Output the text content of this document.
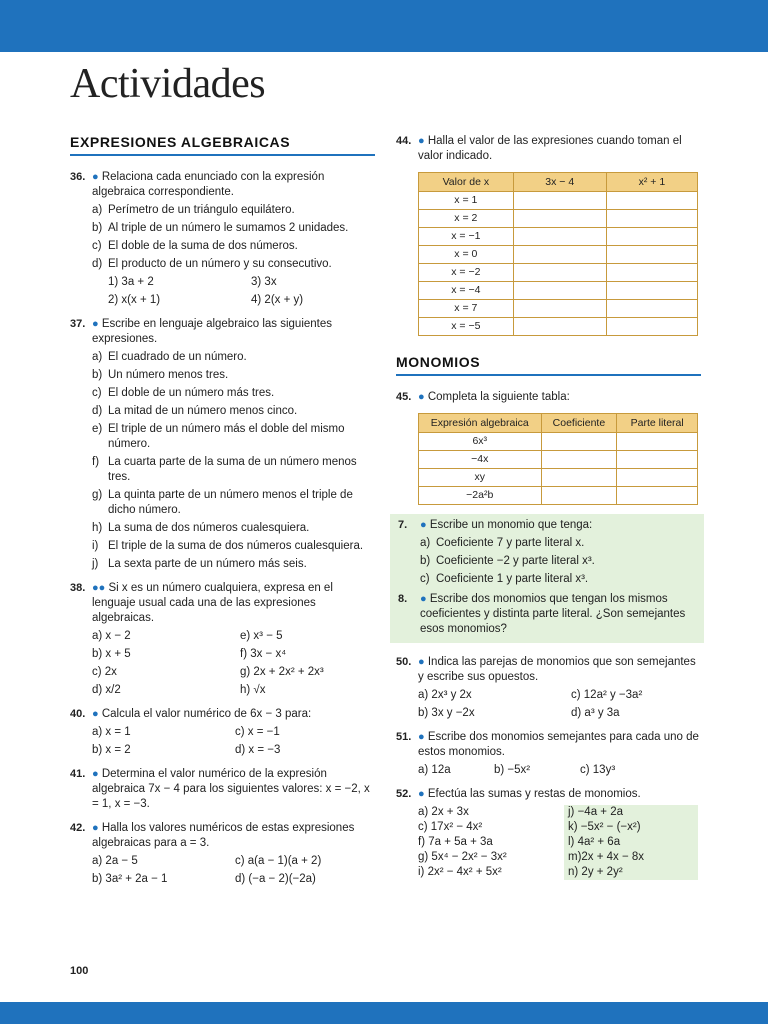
Actividades
EXPRESIONES ALGEBRAICAS
36. ● Relaciona cada enunciado con la expresión algebraica correspondiente.
a) Perímetro de un triángulo equilátero.
b) Al triple de un número le sumamos 2 unidades.
c) El doble de la suma de dos números.
d) El producto de un número y su consecutivo.
1) 3a + 2	3) 3x
2) x(x + 1)	4) 2(x + y)
37. ● Escribe en lenguaje algebraico las siguientes expresiones.
a) El cuadrado de un número.
b) Un número menos tres.
c) El doble de un número más tres.
d) La mitad de un número menos cinco.
e) El triple de un número más el doble del mismo número.
f) La cuarta parte de la suma de un número menos tres.
g) La quinta parte de un número menos el triple de dicho número.
h) La suma de dos números cualesquiera.
i) El triple de la suma de dos números cualesquiera.
j) La sexta parte de un número más seis.
38. ●● Si x es un número cualquiera, expresa en el lenguaje usual cada una de las expresiones algebraicas.
a) x − 2	e) x³ − 5
b) x + 5	f) 3x − x⁴
c) 2x	g) 2x + 2x² + 2x³
d) x/2	h) √x
40. ● Calcula el valor numérico de 6x − 3 para:
a) x = 1	c) x = −1
b) x = 2	d) x = −3
41. ● Determina el valor numérico de la expresión algebraica 7x − 4 para los siguientes valores: x = −2, x = 1, x = −3.
42. ● Halla los valores numéricos de estas expresiones algebraicas para a = 3.
a) 2a − 5	c) a(a − 1)(a + 2)
b) 3a² + 2a − 1	d) (−a − 2)(−2a)
44. ● Halla el valor de las expresiones cuando toman el valor indicado.
Valor de x	3x − 4	x² + 1
x = 1		
x = 2		
x = −1		
x = 0		
x = −2		
x = −4		
x = 7		
x = −5		
MONOMIOS
45. ● Completa la siguiente tabla:
Expresión algebraica	Coeficiente	Parte literal
6x³		
−4x		
xy		
−2a²b		
7. ● Escribe un monomio que tenga:
a) Coeficiente 7 y parte literal x.
b) Coeficiente −2 y parte literal x³.
c) Coeficiente 1 y parte literal x³.
8. ● Escribe dos monomios que tengan los mismos coeficientes y distinta parte literal. ¿Son semejantes esos monomios?
50. ● Indica las parejas de monomios que son semejantes y escribe sus opuestos.
a) 2x³ y 2x	c) 12a² y −3a²
b) 3x y −2x	d) a³ y 3a
51. ● Escribe dos monomios semejantes para cada uno de estos monomios.
a) 12a	b) −5x²	c) 13y³
52. ● Efectúa las sumas y restas de monomios.
a) 2x + 3x
c) 17x² − 4x²
f) 7a + 5a + 3a
g) 5x⁴ − 2x² − 3x²
i) 2x² − 4x² + 5x²
j) −4a + 2a
k) −5x² − (−x²)
l) 4a² + 6a
m)2x + 4x − 8x
n) 2y + 2y²
100
